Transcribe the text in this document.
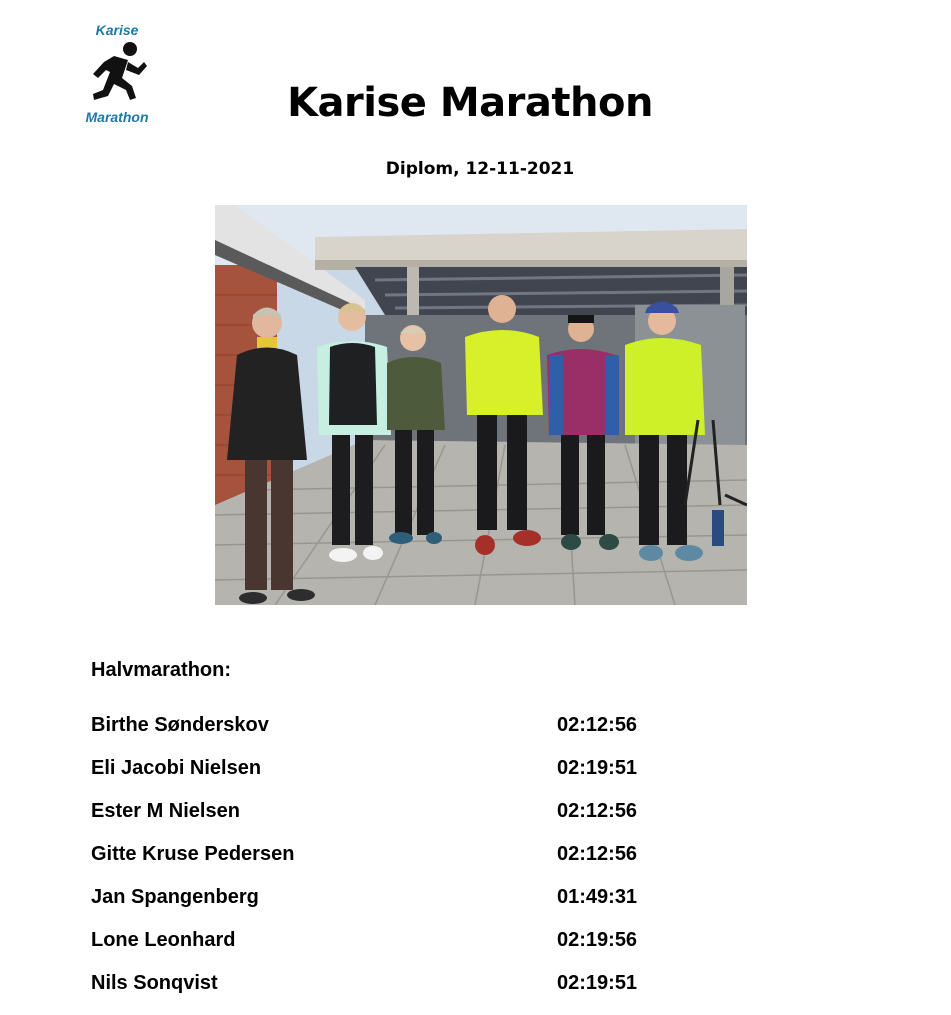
Karise
Marathon	Karise Marathon
Diplom, 12-11-2021
Halvmarathon:
Birthe Sønderskov	02:12:56
Eli Jacobi Nielsen	02:19:51
Ester M Nielsen	02:12:56
Gitte Kruse Pedersen	02:12:56
Jan Spangenberg	01:49:31
Lone Leonhard	02:19:56
Nils Sonqvist	02:19:51
